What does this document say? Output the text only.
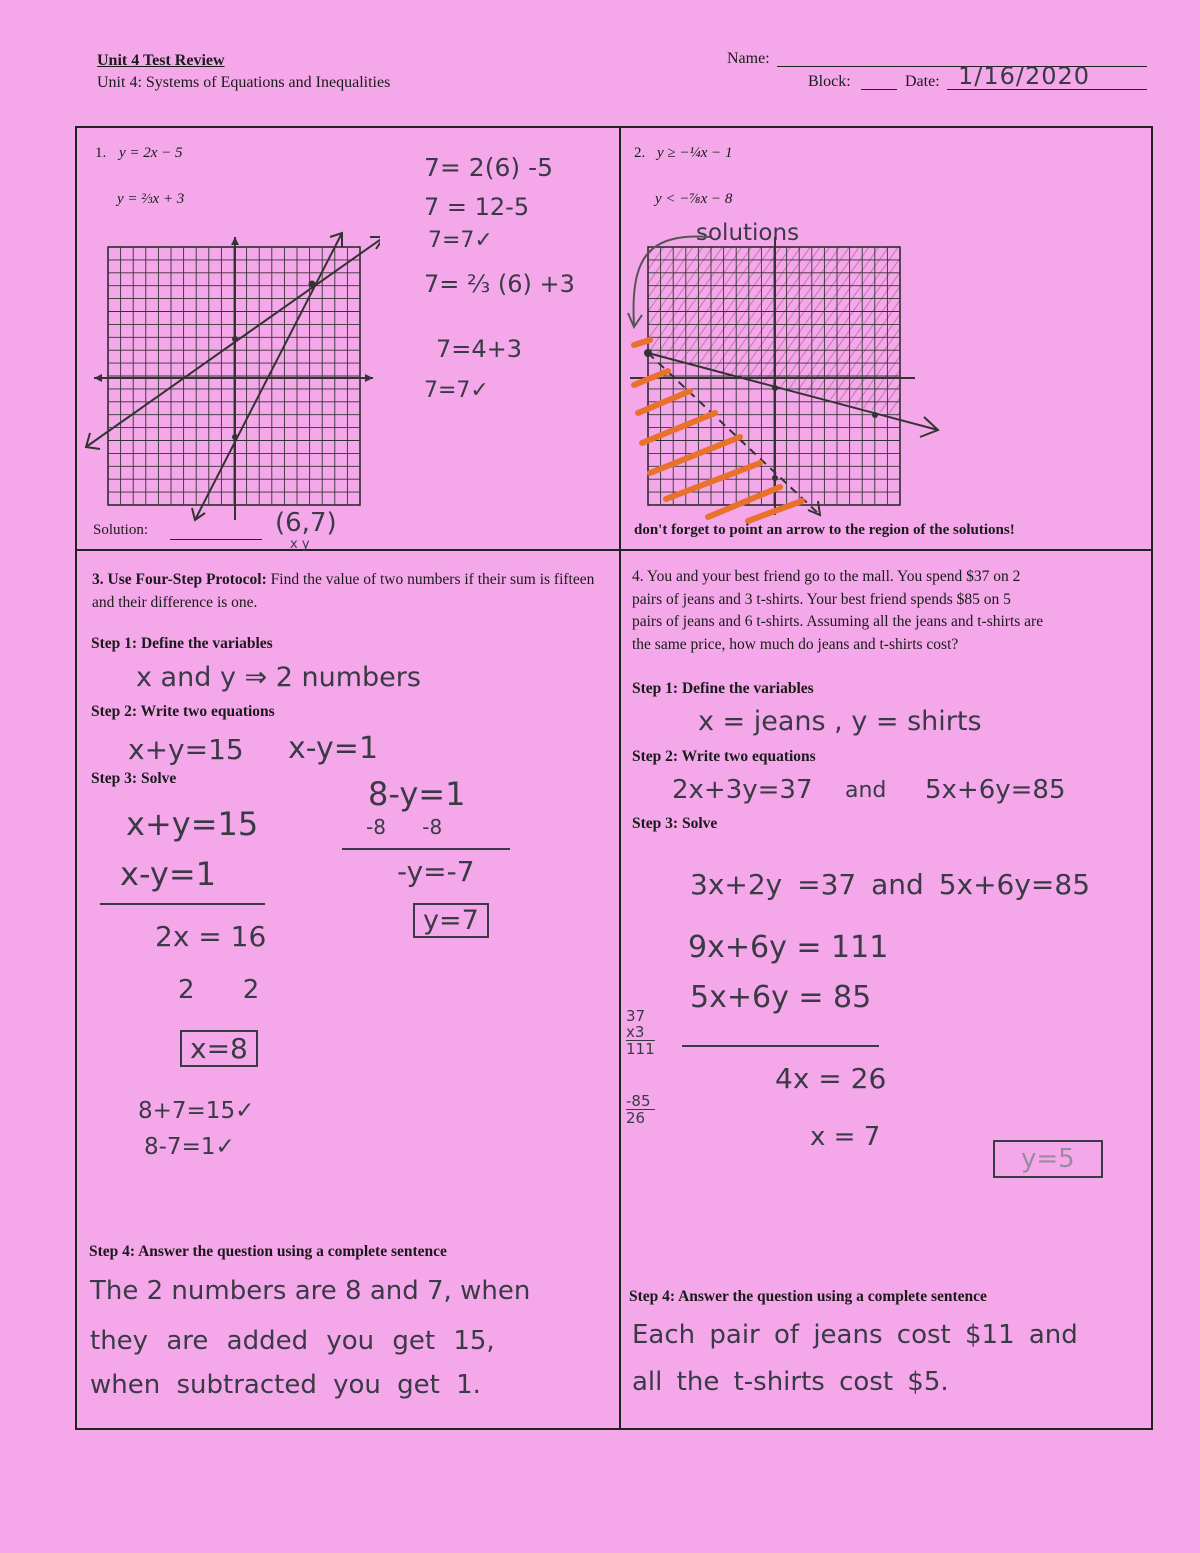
Unit 4 Test Review
Unit 4: Systems of Equations and Inequalities
Name:
Block:	Date: 1/16/2020
1. y = 2x − 5
y = ⅔x + 3
7= 2(6) -5
7 = 12-5
7=7✓
7= ⅔ (6) +3
7=4+3
7=7✓
Solution:	(6,7)
x y
2. y ≥ −¼x − 1
y < −⅞x − 8
solutions
don't forget to point an arrow to the region of the solutions!
3. Use Four-Step Protocol: Find the value of two numbers if their sum is fifteen and their difference is one.
Step 1: Define the variables
x and y ⇒ 2 numbers
Step 2: Write two equations
x+y=15 x-y=1
Step 3: Solve
x+y=15
x-y=1
2x = 16
2 2
x=8
8+7=15✓
8-7=1✓
8-y=1
-8 -8
-y=-7
y=7
Step 4: Answer the question using a complete sentence
The 2 numbers are 8 and 7, when
they are added you get 15,
when subtracted you get 1.
4. You and your best friend go to the mall. You spend $37 on 2
pairs of jeans and 3 t-shirts. Your best friend spends $85 on 5
pairs of jeans and 6 t-shirts. Assuming all the jeans and t-shirts are
the same price, how much do jeans and t-shirts cost?
Step 1: Define the variables
x = jeans , y = shirts
Step 2: Write two equations
2x+3y=37 and 5x+6y=85
Step 3: Solve
3x+2y =37 and 5x+6y=85
9x+6y = 111
5x+6y = 85
4x = 26
x = 7
y=5
37
x3
111
-85
26
Step 4: Answer the question using a complete sentence
Each pair of jeans cost $11 and
all the t-shirts cost $5.
